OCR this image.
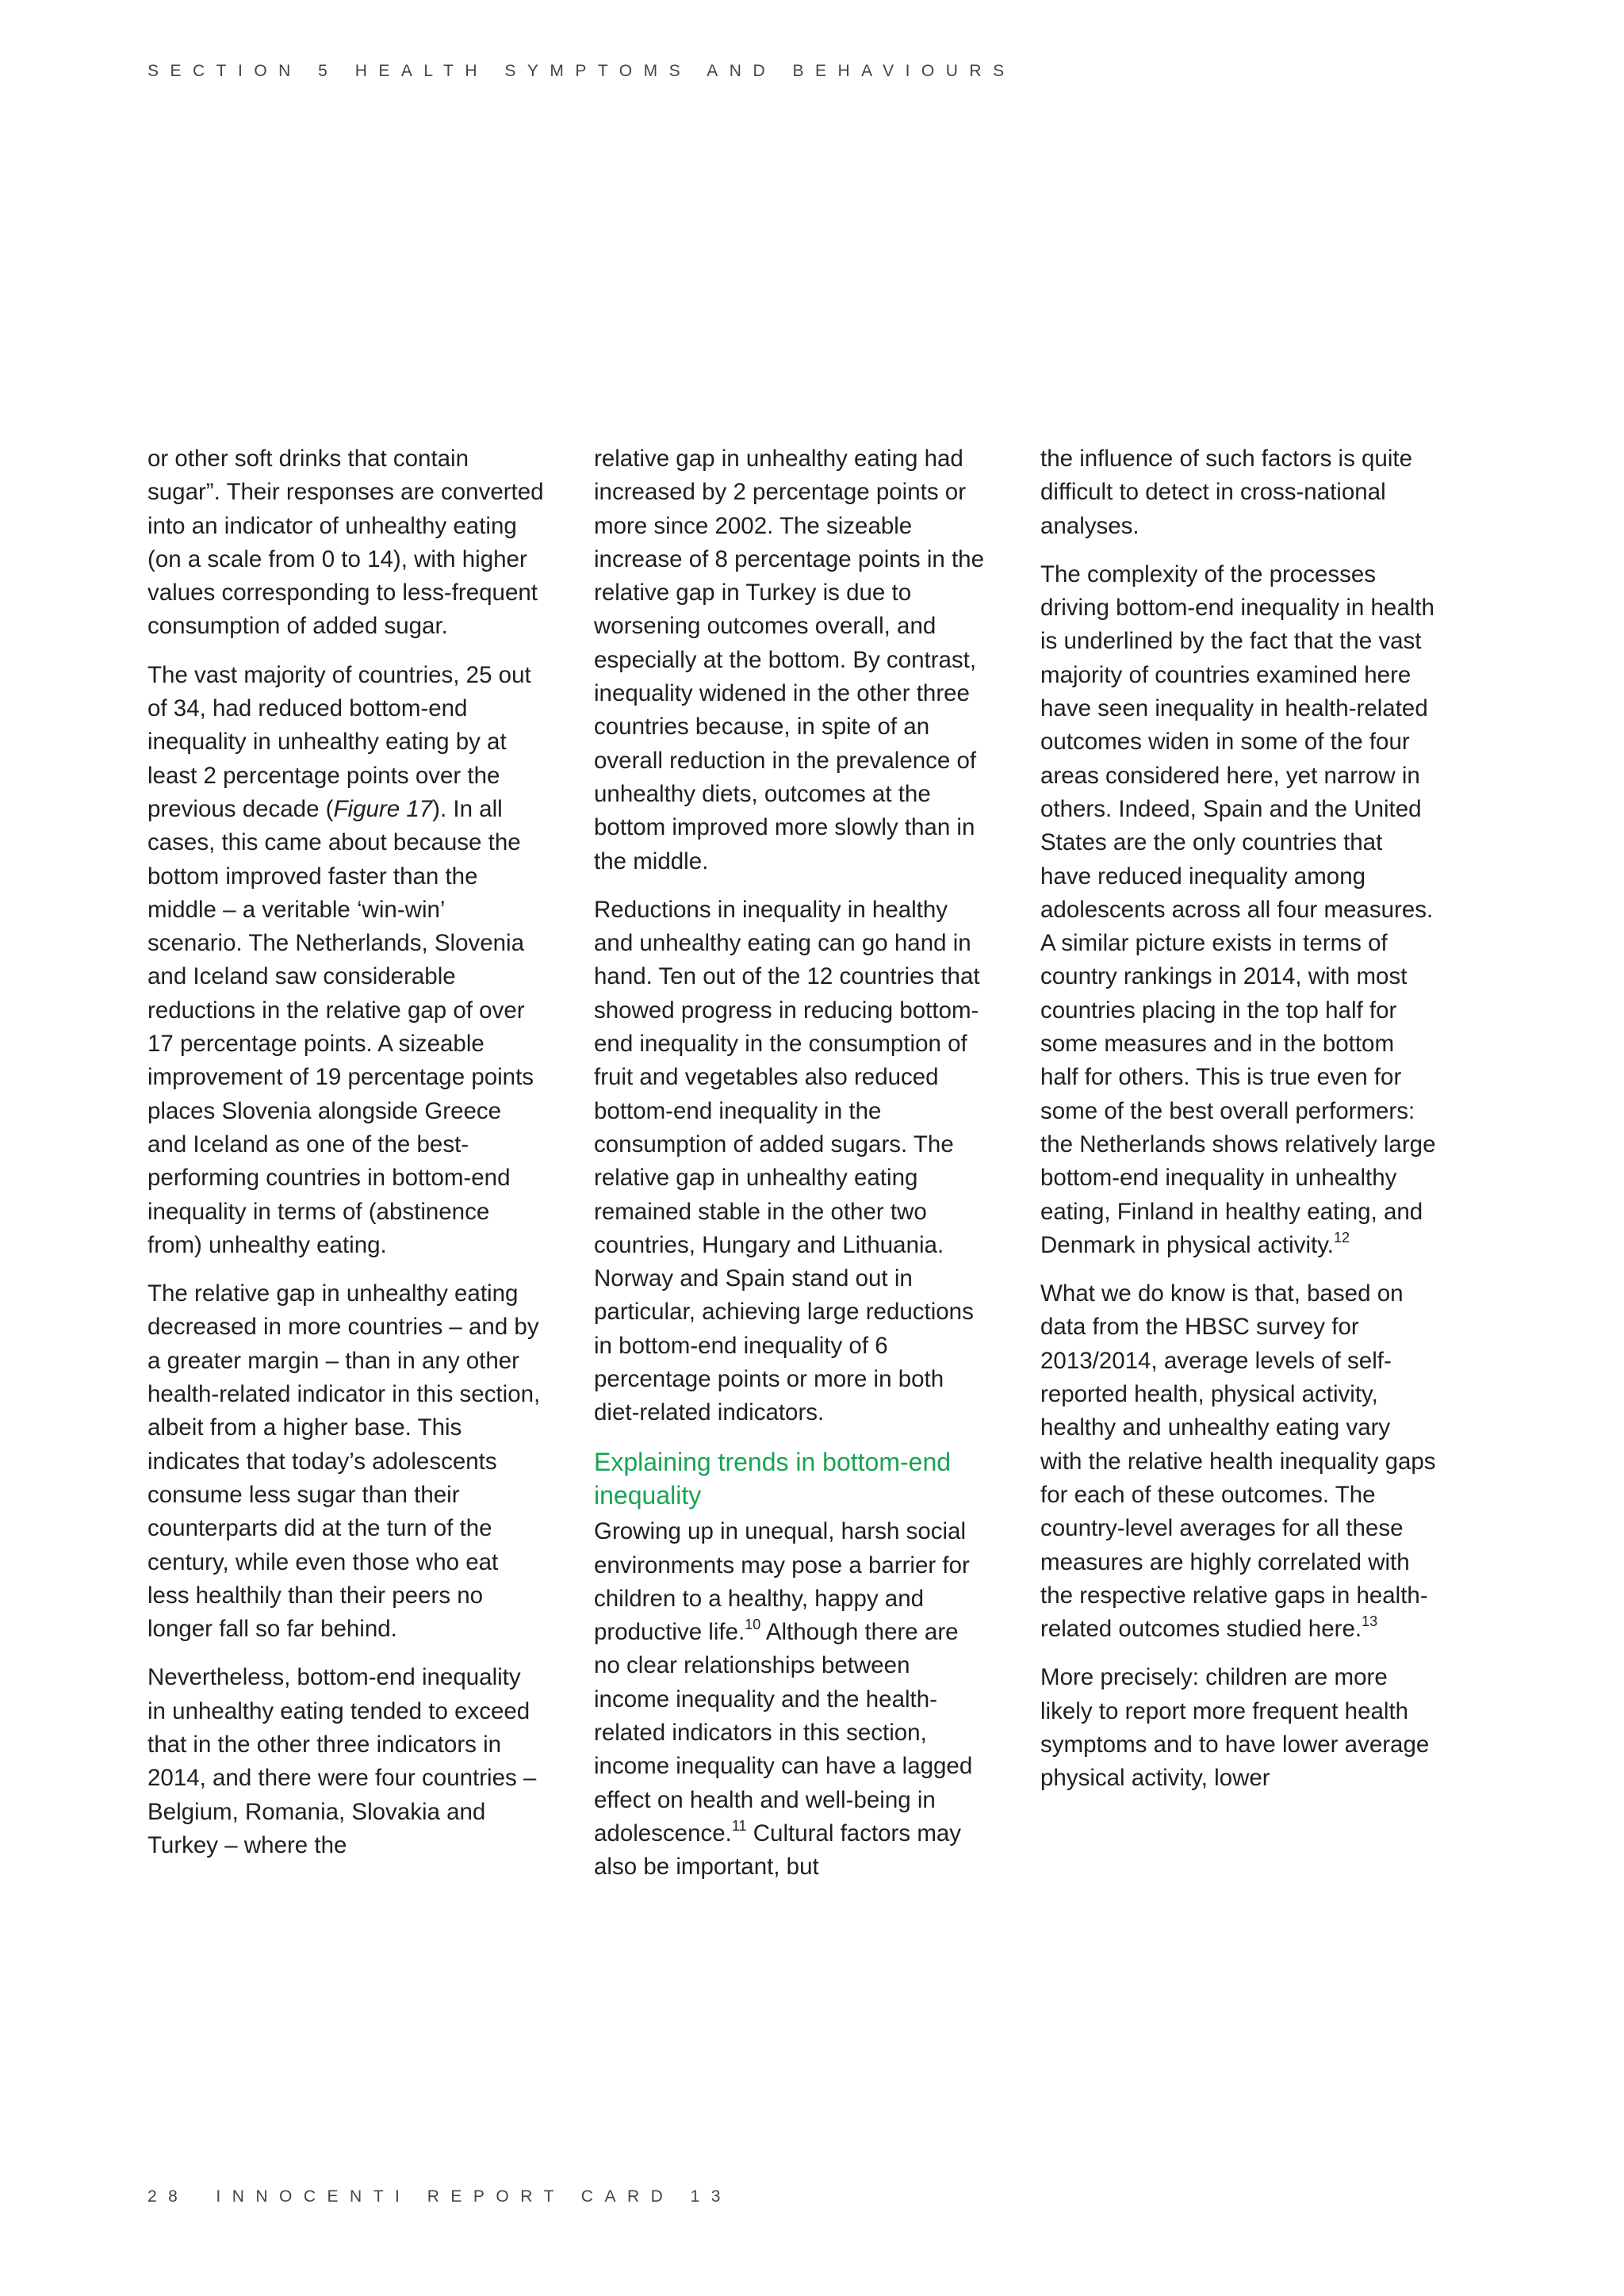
SECTION 5 HEALTH SYMPTOMS AND BEHAVIOURS

or other soft drinks that contain sugar”. Their responses are converted into an indicator of unhealthy eating (on a scale from 0 to 14), with higher values corresponding to less-frequent consumption of added sugar.

The vast majority of countries, 25 out of 34, had reduced bottom-end inequality in unhealthy eating by at least 2 percentage points over the previous decade (Figure 17). In all cases, this came about because the bottom improved faster than the middle – a veritable ‘win-win’ scenario. The Netherlands, Slovenia and Iceland saw considerable reductions in the relative gap of over 17 percentage points. A sizeable improvement of 19 percentage points places Slovenia alongside Greece and Iceland as one of the best-performing countries in bottom-end inequality in terms of (abstinence from) unhealthy eating.

The relative gap in unhealthy eating decreased in more countries – and by a greater margin – than in any other health-related indicator in this section, albeit from a higher base. This indicates that today’s adolescents consume less sugar than their counterparts did at the turn of the century, while even those who eat less healthily than their peers no longer fall so far behind.

Nevertheless, bottom-end inequality in unhealthy eating tended to exceed that in the other three indicators in 2014, and there were four countries – Belgium, Romania, Slovakia and Turkey – where the

relative gap in unhealthy eating had increased by 2 percentage points or more since 2002. The sizeable increase of 8 percentage points in the relative gap in Turkey is due to worsening outcomes overall, and especially at the bottom. By contrast, inequality widened in the other three countries because, in spite of an overall reduction in the prevalence of unhealthy diets, outcomes at the bottom improved more slowly than in the middle.

Reductions in inequality in healthy and unhealthy eating can go hand in hand. Ten out of the 12 countries that showed progress in reducing bottom-end inequality in the consumption of fruit and vegetables also reduced bottom-end inequality in the consumption of added sugars. The relative gap in unhealthy eating remained stable in the other two countries, Hungary and Lithuania. Norway and Spain stand out in particular, achieving large reductions in bottom-end inequality of 6 percentage points or more in both diet-related indicators.

Explaining trends in bottom-end inequality

Growing up in unequal, harsh social environments may pose a barrier for children to a healthy, happy and productive life.$^{10}$ Although there are no clear relationships between income inequality and the health-related indicators in this section, income inequality can have a lagged effect on health and well-being in adolescence.$^{11}$ Cultural factors may also be important, but

the influence of such factors is quite difficult to detect in cross-national analyses.

The complexity of the processes driving bottom-end inequality in health is underlined by the fact that the vast majority of countries examined here have seen inequality in health-related outcomes widen in some of the four areas considered here, yet narrow in others. Indeed, Spain and the United States are the only countries that have reduced inequality among adolescents across all four measures. A similar picture exists in terms of country rankings in 2014, with most countries placing in the top half for some measures and in the bottom half for others. This is true even for some of the best overall performers: the Netherlands shows relatively large bottom-end inequality in unhealthy eating, Finland in healthy eating, and Denmark in physical activity.$^{12}$

What we do know is that, based on data from the HBSC survey for 2013/2014, average levels of self-reported health, physical activity, healthy and unhealthy eating vary with the relative health inequality gaps for each of these outcomes. The country-level averages for all these measures are highly correlated with the respective relative gaps in health-related outcomes studied here.$^{13}$

More precisely: children are more likely to report more frequent health symptoms and to have lower average physical activity, lower

28 INNOCENTI REPORT CARD 13
